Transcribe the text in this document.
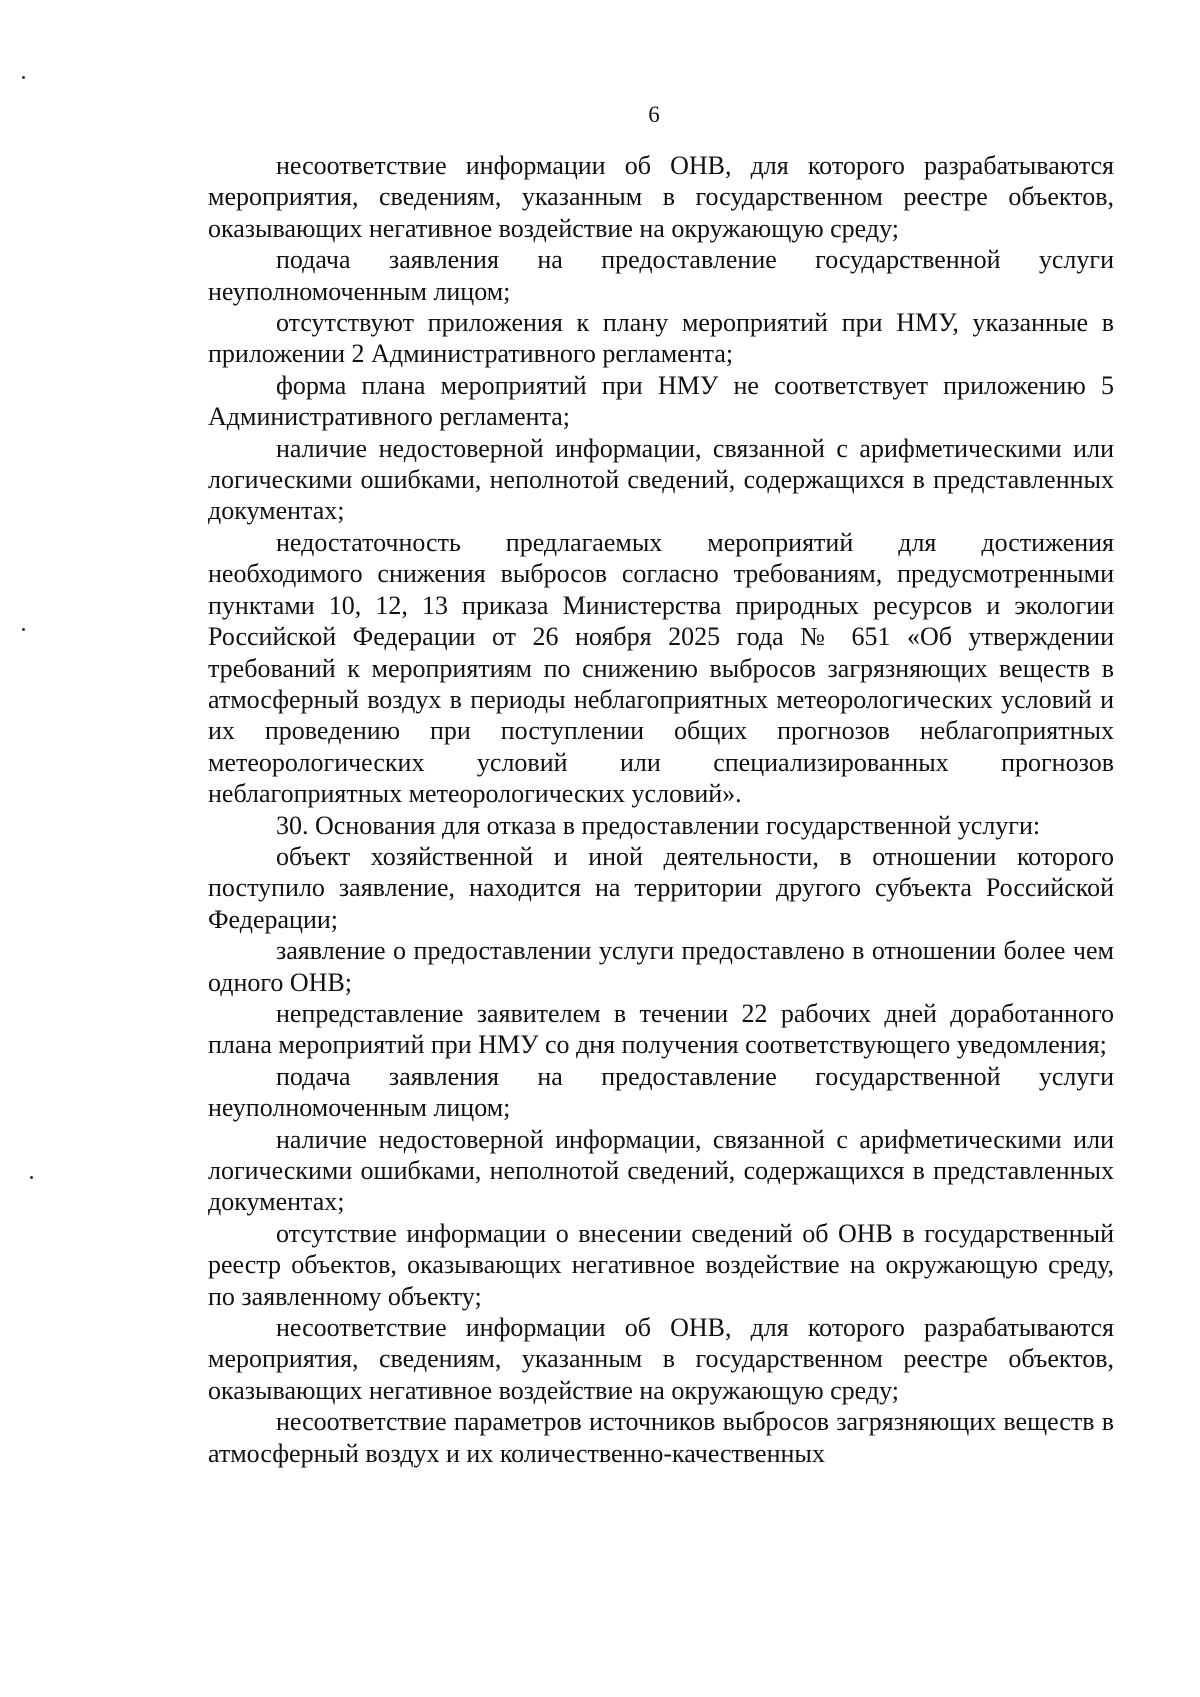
6

несоответствие информации об ОНВ, для которого разрабатываются мероприятия, сведениям, указанным в государственном реестре объектов, оказывающих негативное воздействие на окружающую среду;

подача заявления на предоставление государственной услуги неуполномоченным лицом;

отсутствуют приложения к плану мероприятий при НМУ, указанные в приложении 2 Административного регламента;

форма плана мероприятий при НМУ не соответствует приложению 5 Административного регламента;

наличие недостоверной информации, связанной с арифметическими или логическими ошибками, неполнотой сведений, содержащихся в представленных документах;

недостаточность предлагаемых мероприятий для достижения необходимого снижения выбросов согласно требованиям, предусмотренными пунктами 10, 12, 13 приказа Министерства природных ресурсов и экологии Российской Федерации от 26 ноября 2025 года № 651 «Об утверждении требований к мероприятиям по снижению выбросов загрязняющих веществ в атмосферный воздух в периоды неблагоприятных метеорологических условий и их проведению при поступлении общих прогнозов неблагоприятных метеорологических условий или специализированных прогнозов неблагоприятных метеорологических условий».

30. Основания для отказа в предоставлении государственной услуги:

объект хозяйственной и иной деятельности, в отношении которого поступило заявление, находится на территории другого субъекта Российской Федерации;

заявление о предоставлении услуги предоставлено в отношении более чем одного ОНВ;

непредставление заявителем в течении 22 рабочих дней доработанного плана мероприятий при НМУ со дня получения соответствующего уведомления;

подача заявления на предоставление государственной услуги неуполномоченным лицом;

наличие недостоверной информации, связанной с арифметическими или логическими ошибками, неполнотой сведений, содержащихся в представленных документах;

отсутствие информации о внесении сведений об ОНВ в государственный реестр объектов, оказывающих негативное воздействие на окружающую среду, по заявленному объекту;

несоответствие информации об ОНВ, для которого разрабатываются мероприятия, сведениям, указанным в государственном реестре объектов, оказывающих негативное воздействие на окружающую среду;

несоответствие параметров источников выбросов загрязняющих веществ в атмосферный воздух и их количественно-качественных
